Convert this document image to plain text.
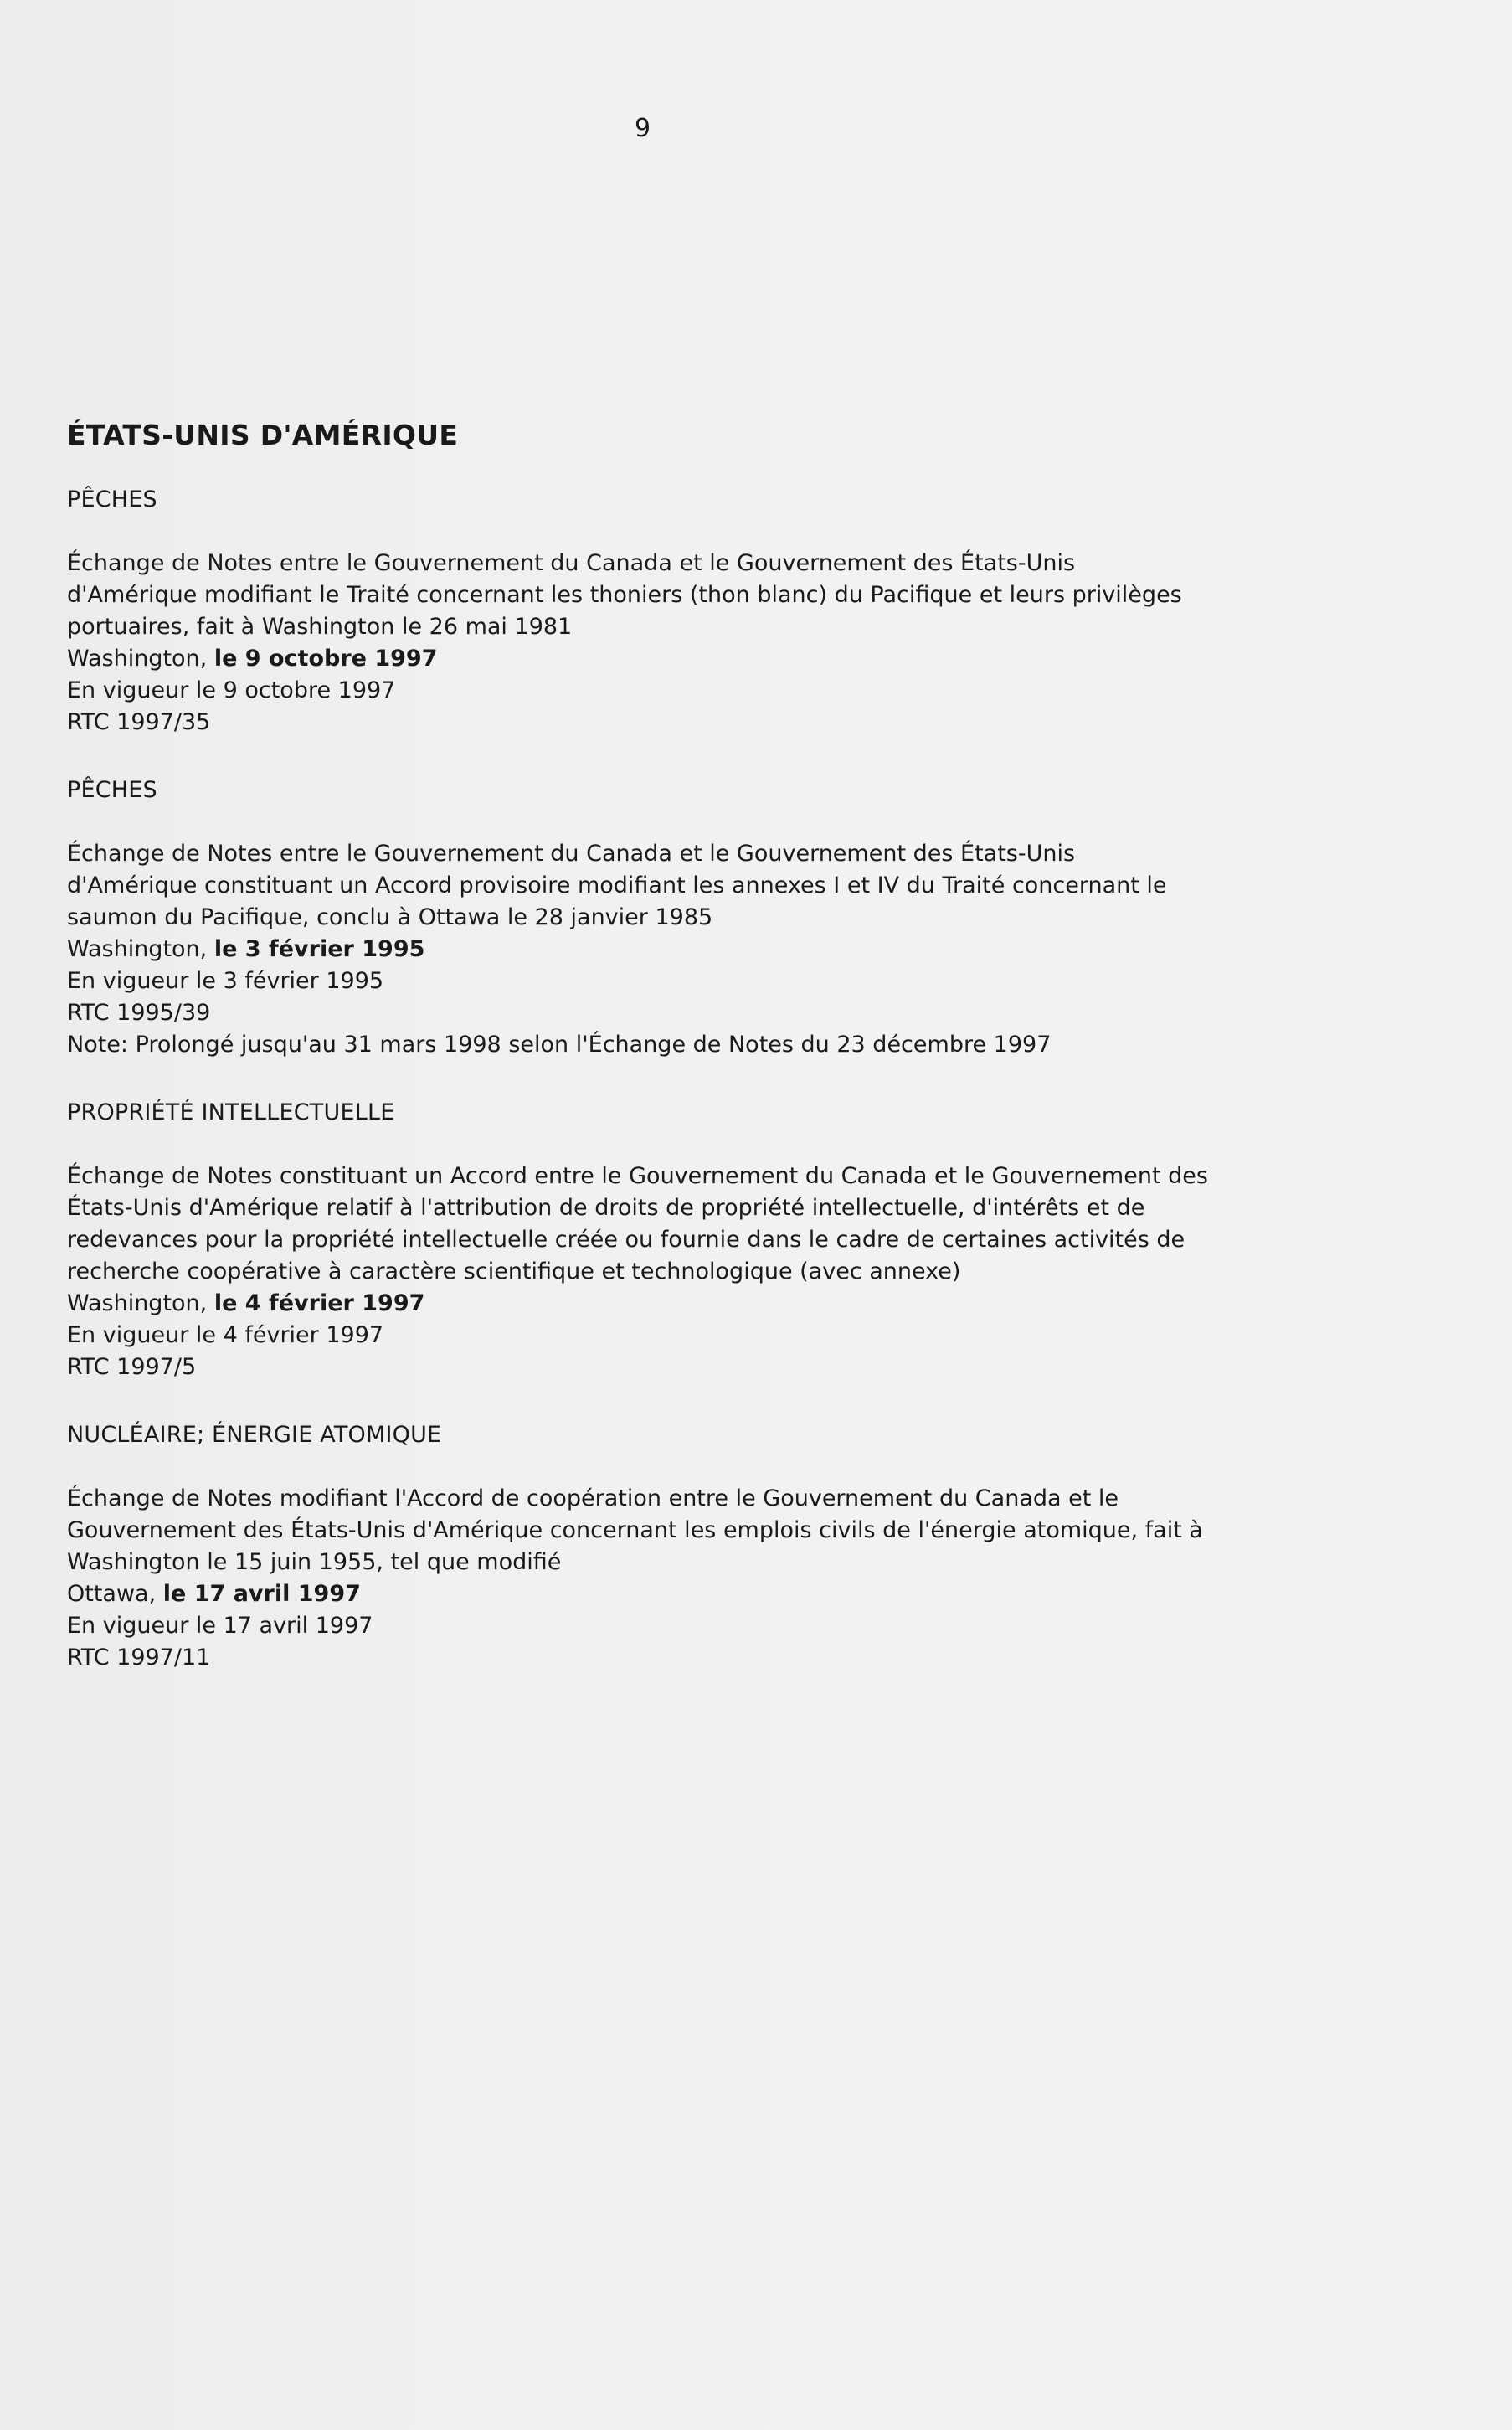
9
ÉTATS-UNIS D'AMÉRIQUE
PÊCHES
Échange de Notes entre le Gouvernement du Canada et le Gouvernement des États-Unis
d'Amérique modifiant le Traité concernant les thoniers (thon blanc) du Pacifique et leurs privilèges
portuaires, fait à Washington le 26 mai 1981
Washington, le 9 octobre 1997
En vigueur le 9 octobre 1997
RTC 1997/35
PÊCHES
Échange de Notes entre le Gouvernement du Canada et le Gouvernement des États-Unis
d'Amérique constituant un Accord provisoire modifiant les annexes I et IV du Traité concernant le
saumon du Pacifique, conclu à Ottawa le 28 janvier 1985
Washington, le 3 février 1995
En vigueur le 3 février 1995
RTC 1995/39
Note: Prolongé jusqu'au 31 mars 1998 selon l'Échange de Notes du 23 décembre 1997
PROPRIÉTÉ INTELLECTUELLE
Échange de Notes constituant un Accord entre le Gouvernement du Canada et le Gouvernement des
États-Unis d'Amérique relatif à l'attribution de droits de propriété intellectuelle, d'intérêts et de
redevances pour la propriété intellectuelle créée ou fournie dans le cadre de certaines activités de
recherche coopérative à caractère scientifique et technologique (avec annexe)
Washington, le 4 février 1997
En vigueur le 4 février 1997
RTC 1997/5
NUCLÉAIRE; ÉNERGIE ATOMIQUE
Échange de Notes modifiant l'Accord de coopération entre le Gouvernement du Canada et le
Gouvernement des États-Unis d'Amérique concernant les emplois civils de l'énergie atomique, fait à
Washington le 15 juin 1955, tel que modifié
Ottawa, le 17 avril 1997
En vigueur le 17 avril 1997
RTC 1997/11
